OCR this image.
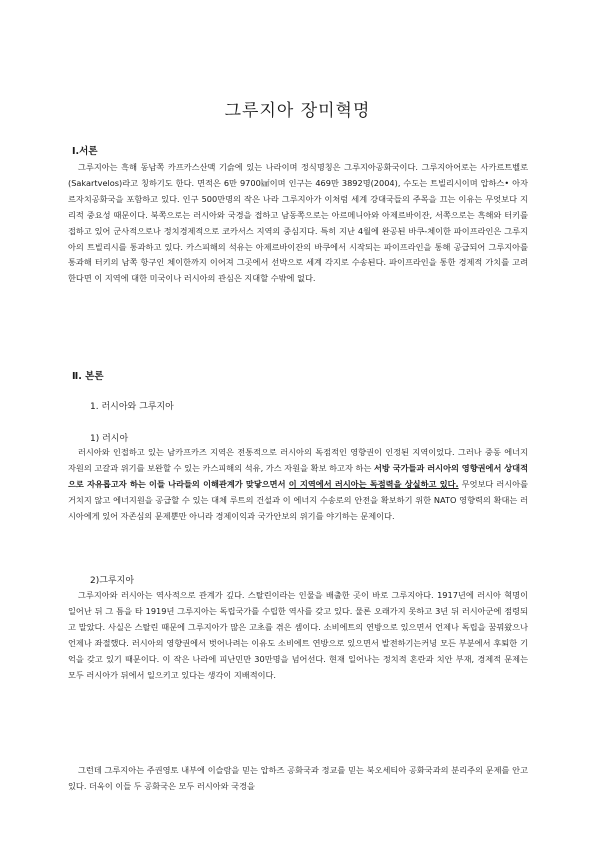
그루지아 장미혁명
Ⅰ.서론

그루지아는 흑해 동남쪽 카프카스산맥 기슭에 있는 나라이며 정식명칭은 그루지아공화국이다. 그루지아어로는 사카르트벨로(Sakartvelos)라고 칭하기도 한다. 면적은 6만 9700㎢이며 인구는 469만 3892명(2004), 수도는 트빌리시이며 압하스• 아자르자치공화국을 포함하고 있다. 인구 500만명의 작은 나라 그루지아가 이처럼 세계 강대국들의 주목을 끄는 이유는 무엇보다 지리적 중요성 때문이다. 북쪽으로는 러시아와 국경을 접하고 남동쪽으로는 아르메니아와 아제르바이잔, 서쪽으로는 흑해와 터키를 접하고 있어 군사적으로나 정치경제적으로 코카서스 지역의 중심지다. 특히 지난 4월에 완공된 바쿠-체이한 파이프라인은 그루지아의 트빌리시를 통과하고 있다. 카스피해의 석유는 아제르바이잔의 바쿠에서 시작되는 파이프라인을 통해 공급되어 그루지아를 통과해 터키의 남쪽 항구인 체이한까지 이어져 그곳에서 선박으로 세계 각지로 수송된다. 파이프라인을 통한 경제적 가치를 고려한다면 이 지역에 대한 미국이나 러시아의 관심은 지대할 수밖에 없다.

Ⅱ. 본론
1. 러시아와 그루지아
1) 러시아

러시아와 인접하고 있는 남카프카즈 지역은 전통적으로 러시아의 독점적인 영향권이 인정된 지역이었다. 그러나 중동 에너지 자원의 고갈과 위기를 보완할 수 있는 카스피해의 석유, 가스 자원을 확보 하고자 하는 서방 국가들과 러시아의 영향권에서 상대적으로 자유롭고자 하는 이들 나라들의 이해관계가 맞닿으면서 이 지역에서 러시아는 독점력을 상실하고 있다. 무엇보다 러시아를 거치지 않고 에너지원을 공급할 수 있는 대체 루트의 건설과 이 에너지 수송로의 안전을 확보하기 위한 NATO 영향력의 확대는 러시아에게 있어 자존심의 문제뿐만 아니라 경제이익과 국가안보의 위기를 야기하는 문제이다.

2)그루지아

그루지아와 러시아는 역사적으로 관계가 깊다. 스탈린이라는 인물을 배출한 곳이 바로 그루지아다. 1917년에 러시아 혁명이 일어난 뒤 그 틈을 타 1919년 그루지아는 독립국가를 수립한 역사를 갖고 있다. 물론 오래가지 못하고 3년 뒤 러시아군에 점령되고 말았다. 사실은 스탈린 때문에 그루지아가 많은 고초를 겪은 셈이다. 소비에트의 연방으로 있으면서 언제나 독립을 꿈꿔왔으나 언제나 좌절했다. 러시아의 영향권에서 벗어나려는 이유도 소비에트 연방으로 있으면서 발전하기는커녕 모든 부분에서 후퇴한 기억을 갖고 있기 때문이다. 이 작은 나라에 피난민만 30만명을 넘어선다. 현재 일어나는 정치적 혼란과 치안 부재, 경제적 문제는 모두 러시아가 뒤에서 일으키고 있다는 생각이 지배적이다.

그런데 그루지아는 주권영토 내부에 이슬람을 믿는 압하즈 공화국과 정교를 믿는 북오세티아 공화국과의 분리주의 문제를 안고 있다. 더욱이 이들 두 공화국은 모두 러시아와 국경을
